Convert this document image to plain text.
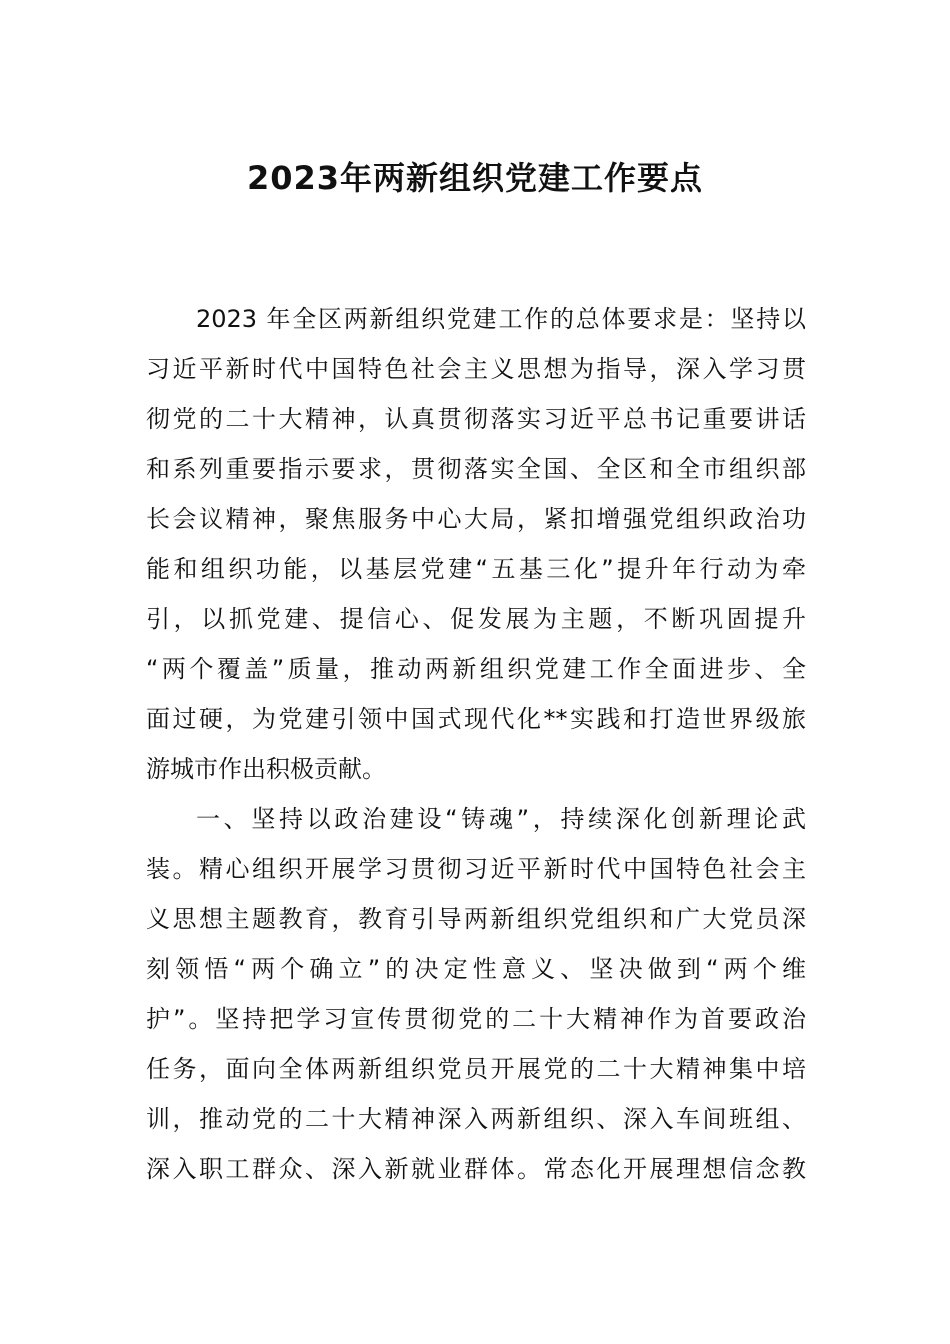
2023年两新组织党建工作要点

2023 年全区两新组织党建工作的总体要求是：坚持以

习近平新时代中国特色社会主义思想为指导，深入学习贯

彻党的二十大精神，认真贯彻落实习近平总书记重要讲话

和系列重要指示要求，贯彻落实全国、全区和全市组织部

长会议精神，聚焦服务中心大局，紧扣增强党组织政治功

能和组织功能，以基层党建“五基三化”提升年行动为牵

引，以抓党建、提信心、促发展为主题，不断巩固提升

“两个覆盖”质量，推动两新组织党建工作全面进步、全

面过硬，为党建引领中国式现代化**实践和打造世界级旅

游城市作出积极贡献。

一、坚持以政治建设“铸魂”，持续深化创新理论武

装。精心组织开展学习贯彻习近平新时代中国特色社会主

义思想主题教育，教育引导两新组织党组织和广大党员深

刻领悟“两个确立”的决定性意义、坚决做到“两个维

护”。坚持把学习宣传贯彻党的二十大精神作为首要政治

任务，面向全体两新组织党员开展党的二十大精神集中培

训，推动党的二十大精神深入两新组织、深入车间班组、

深入职工群众、深入新就业群体。常态化开展理想信念教
